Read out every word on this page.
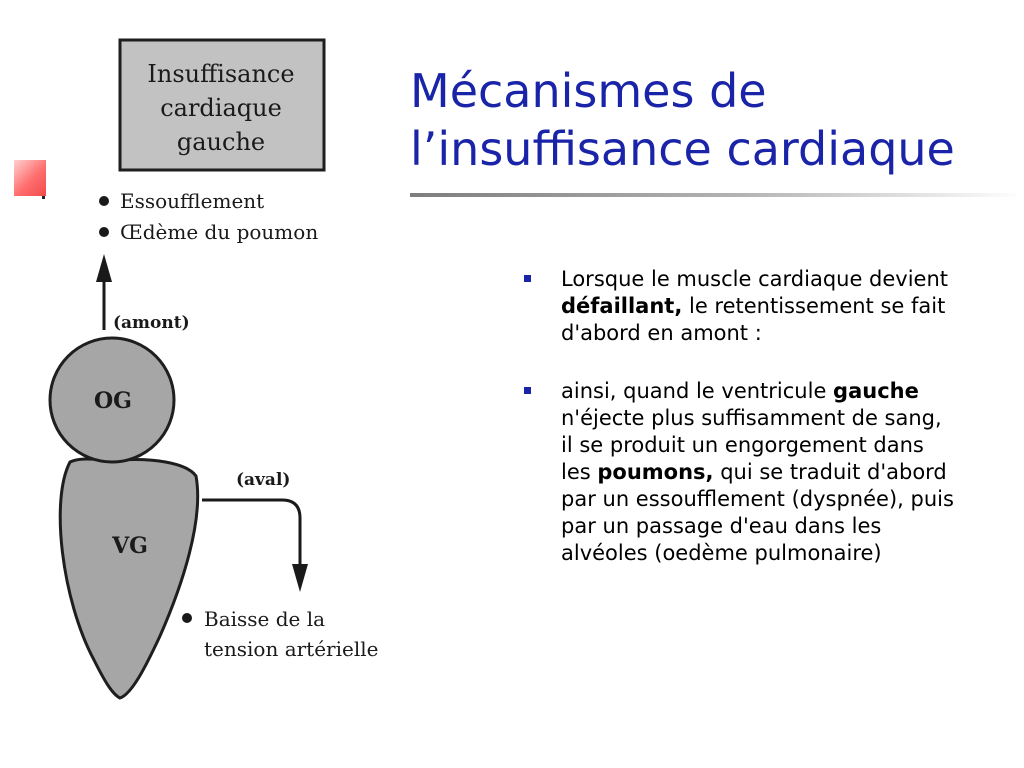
Mécanismes de
l’insuffisance cardiaque
Insuffisance
cardiaque
gauche
Essoufflement
Œdème du poumon
(amont)
OG
VG
(aval)
Baisse de la
tension artérielle
Lorsque le muscle cardiaque devient défaillant, le retentissement se fait d'abord en amont :
ainsi, quand le ventricule gauche n'éjecte plus suffisamment de sang, il se produit un engorgement dans les poumons, qui se traduit d'abord par un essoufflement (dyspnée), puis par un passage d'eau dans les alvéoles (oedème pulmonaire)
